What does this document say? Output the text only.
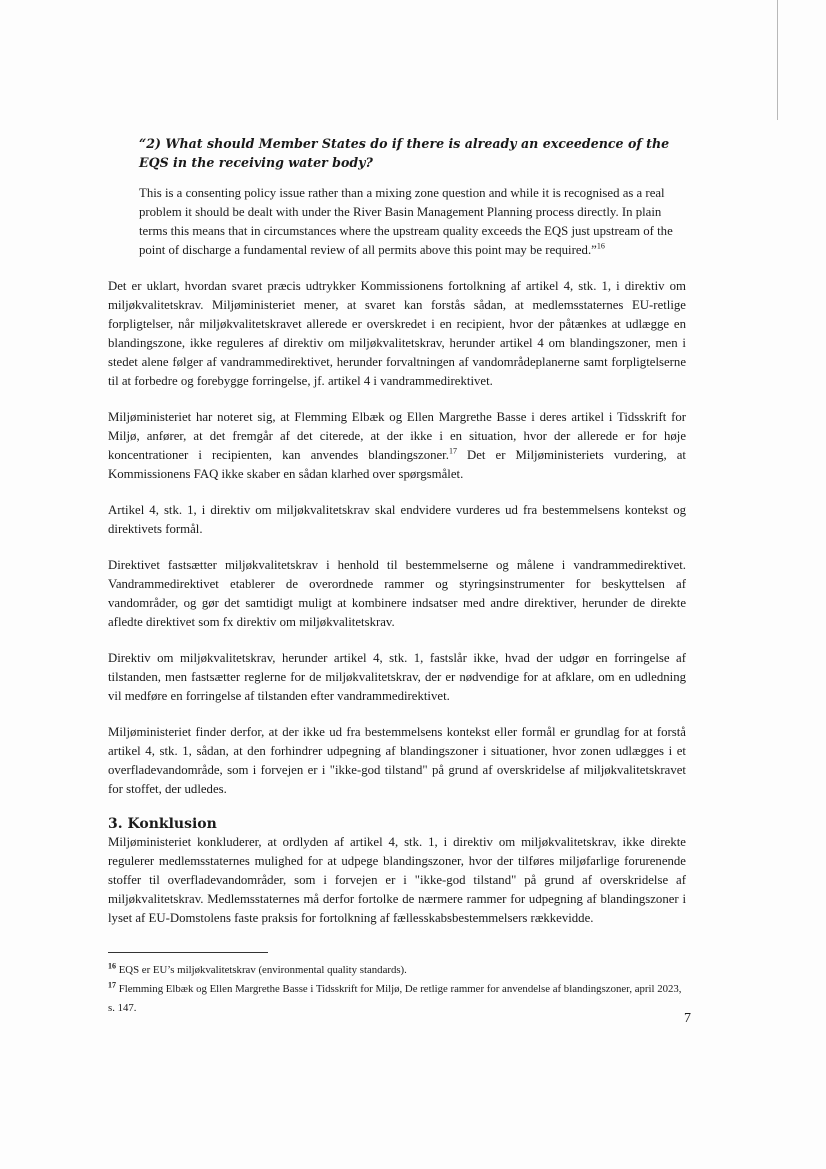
“2) What should Member States do if there is already an exceedence of the EQS in the receiving water body?

This is a consenting policy issue rather than a mixing zone question and while it is recognised as a real problem it should be dealt with under the River Basin Management Planning process directly. In plain terms this means that in circumstances where the upstream quality exceeds the EQS just upstream of the point of discharge a fundamental review of all permits above this point may be required.”$^{16}$

Det er uklart, hvordan svaret præcis udtrykker Kommissionens fortolkning af artikel 4, stk. 1, i direktiv om miljøkvalitetskrav. Miljøministeriet mener, at svaret kan forstås sådan, at medlemsstaternes EU-retlige forpligtelser, når miljøkvalitetskravet allerede er overskredet i en recipient, hvor der påtænkes at udlægge en blandingszone, ikke reguleres af direktiv om miljøkvalitetskrav, herunder artikel 4 om blandingszoner, men i stedet alene følger af vandrammedirektivet, herunder forvaltningen af vandområdeplanerne samt forpligtelserne til at forbedre og forebygge forringelse, jf. artikel 4 i vandrammedirektivet.

Miljøministeriet har noteret sig, at Flemming Elbæk og Ellen Margrethe Basse i deres artikel i Tidsskrift for Miljø, anfører, at det fremgår af det citerede, at der ikke i en situation, hvor der allerede er for høje koncentrationer i recipienten, kan anvendes blandingszoner.$^{17}$ Det er Miljøministeriets vurdering, at Kommissionens FAQ ikke skaber en sådan klarhed over spørgsmålet.

Artikel 4, stk. 1, i direktiv om miljøkvalitetskrav skal endvidere vurderes ud fra bestemmelsens kontekst og direktivets formål.

Direktivet fastsætter miljøkvalitetskrav i henhold til bestemmelserne og målene i vandrammedirektivet. Vandrammedirektivet etablerer de overordnede rammer og styringsinstrumenter for beskyttelsen af vandområder, og gør det samtidigt muligt at kombinere indsatser med andre direktiver, herunder de direkte afledte direktivet som fx direktiv om miljøkvalitetskrav.

Direktiv om miljøkvalitetskrav, herunder artikel 4, stk. 1, fastslår ikke, hvad der udgør en forringelse af tilstanden, men fastsætter reglerne for de miljøkvalitetskrav, der er nødvendige for at afklare, om en udledning vil medføre en forringelse af tilstanden efter vandrammedirektivet.

Miljøministeriet finder derfor, at der ikke ud fra bestemmelsens kontekst eller formål er grundlag for at forstå artikel 4, stk. 1, sådan, at den forhindrer udpegning af blandingszoner i situationer, hvor zonen udlægges i et overfladevandområde, som i forvejen er i "ikke-god tilstand" på grund af overskridelse af miljøkvalitetskravet for stoffet, der udledes.

3. Konklusion

Miljøministeriet konkluderer, at ordlyden af artikel 4, stk. 1, i direktiv om miljøkvalitetskrav, ikke direkte regulerer medlemsstaternes mulighed for at udpege blandingszoner, hvor der tilføres miljøfarlige forurenende stoffer til overfladevandområder, som i forvejen er i "ikke-god tilstand" på grund af overskridelse af miljøkvalitetskrav. Medlemsstaternes må derfor fortolke de nærmere rammer for udpegning af blandingszoner i lyset af EU-Domstolens faste praksis for fortolkning af fællesskabsbestemmelsers rækkevidde.

$^{16}$ EQS er EU’s miljøkvalitetskrav (environmental quality standards).

$^{17}$ Flemming Elbæk og Ellen Margrethe Basse i Tidsskrift for Miljø, De retlige rammer for anvendelse af blandingszoner, april 2023, s. 147.

7
